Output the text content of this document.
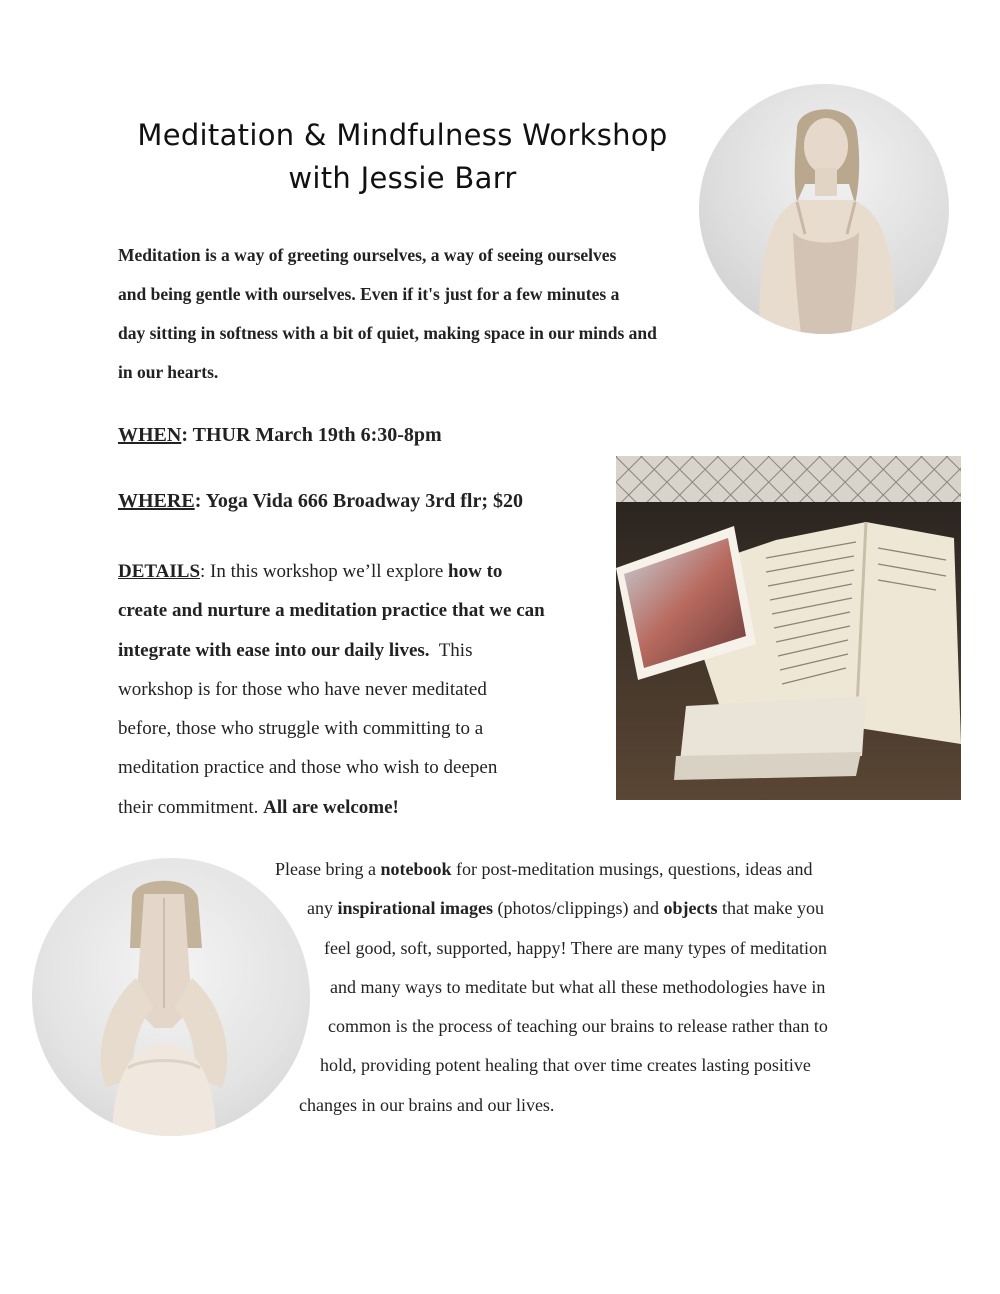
Meditation & Mindfulness Workshop
with Jessie Barr
Meditation is a way of greeting ourselves, a way of seeing ourselves
and being gentle with ourselves. Even if it's just for a few minutes a
day sitting in softness with a bit of quiet, making space in our minds and
in our hearts.
WHEN: THUR March 19th 6:30-8pm
WHERE: Yoga Vida 666 Broadway 3rd flr; $20
DETAILS: In this workshop we’ll explore how to
create and nurture a meditation practice that we can
integrate with ease into our daily lives.  This
workshop is for those who have never meditated
before, those who struggle with committing to a
meditation practice and those who wish to deepen
their commitment. All are welcome!
Please bring a notebook for post-meditation musings, questions, ideas and
any inspirational images (photos/clippings) and objects that make you
feel good, soft, supported, happy! There are many types of meditation
and many ways to meditate but what all these methodologies have in
common is the process of teaching our brains to release rather than to
hold, providing potent healing that over time creates lasting positive
changes in our brains and our lives.
